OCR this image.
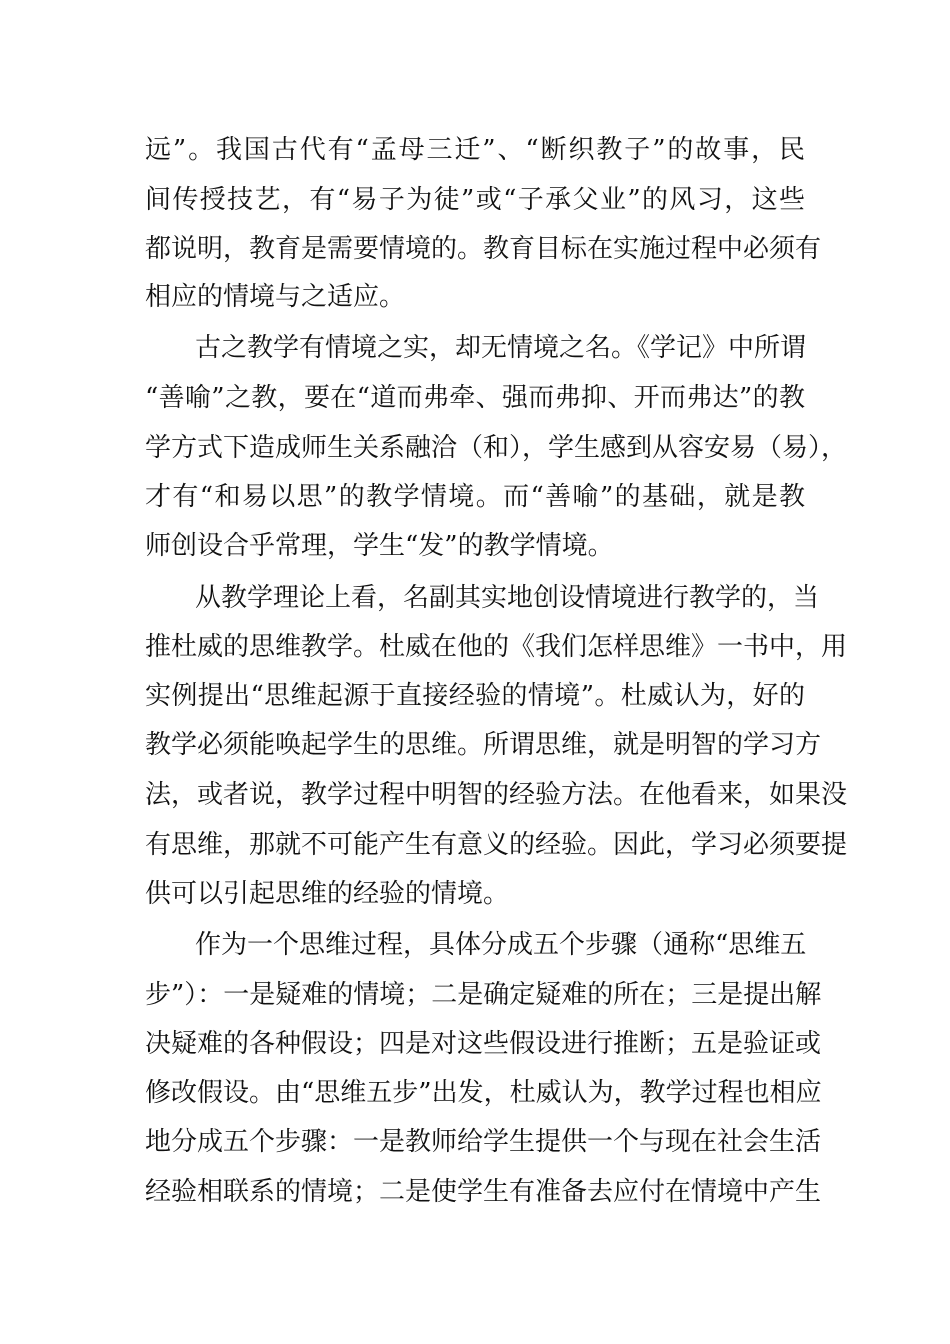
远”。我国古代有“孟母三迁”、“断织教子”的故事，民
间传授技艺，有“易子为徒”或“子承父业”的风习，这些
都说明，教育是需要情境的。教育目标在实施过程中必须有
相应的情境与之适应。
古之教学有情境之实，却无情境之名。《学记》中所谓
“善喻”之教，要在“道而弗牵、强而弗抑、开而弗达”的教
学方式下造成师生关系融洽（和），学生感到从容安易（易），
才有“和易以思”的教学情境。而“善喻”的基础，就是教
师创设合乎常理，学生“发”的教学情境。
从教学理论上看，名副其实地创设情境进行教学的，当
推杜威的思维教学。杜威在他的《我们怎样思维》一书中，用
实例提出“思维起源于直接经验的情境”。杜威认为，好的
教学必须能唤起学生的思维。所谓思维，就是明智的学习方
法，或者说，教学过程中明智的经验方法。在他看来，如果没
有思维，那就不可能产生有意义的经验。因此，学习必须要提
供可以引起思维的经验的情境。
作为一个思维过程，具体分成五个步骤（通称“思维五
步”）：一是疑难的情境；二是确定疑难的所在；三是提出解
决疑难的各种假设；四是对这些假设进行推断；五是验证或
修改假设。由“思维五步”出发，杜威认为，教学过程也相应
地分成五个步骤：一是教师给学生提供一个与现在社会生活
经验相联系的情境；二是使学生有准备去应付在情境中产生
